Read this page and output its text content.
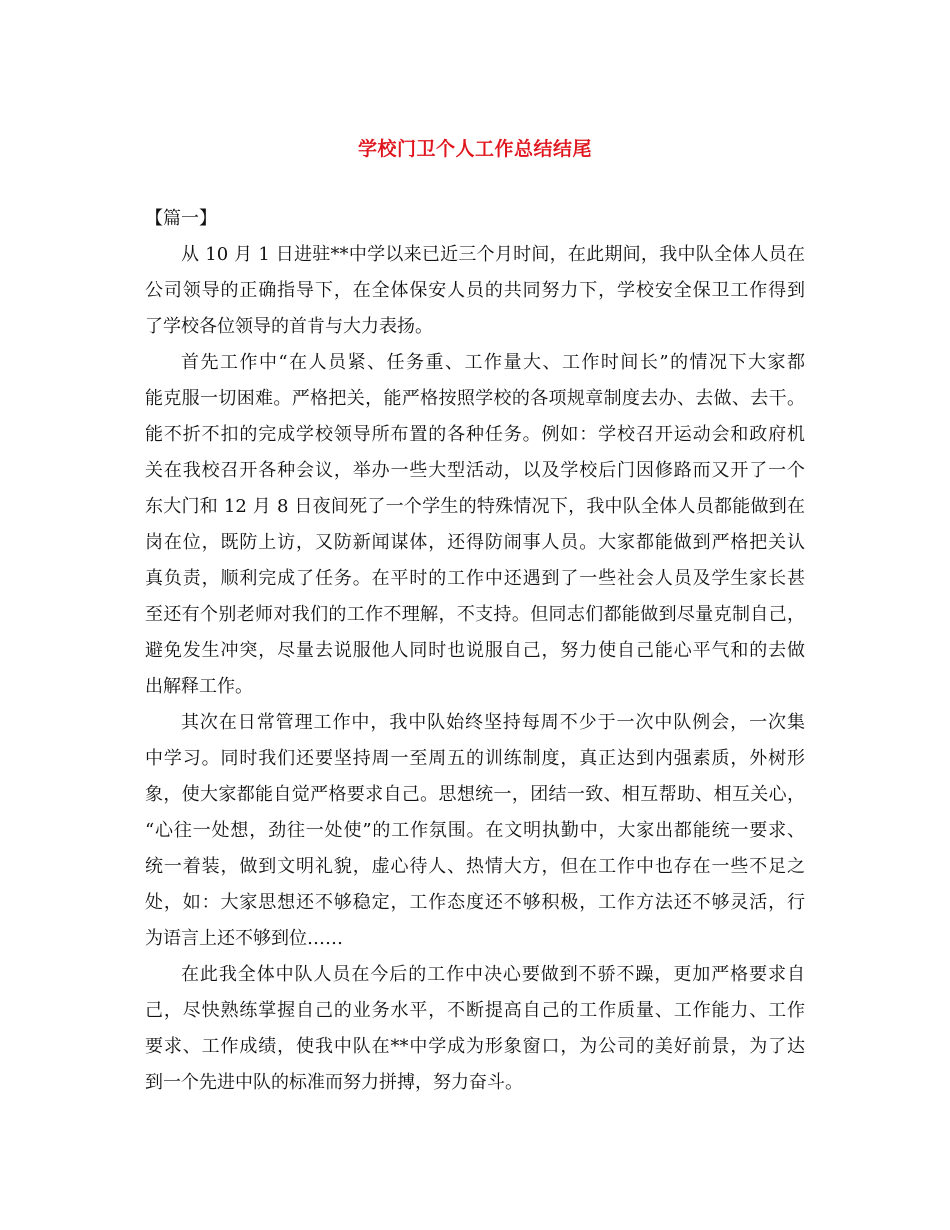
学校门卫个人工作总结结尾
【篇一】
从 10 月 1 日进驻**中学以来已近三个月时间，在此期间，我中队全体人员在
公司领导的正确指导下，在全体保安人员的共同努力下，学校安全保卫工作得到
了学校各位领导的首肯与大力表扬。
首先工作中“在人员紧、任务重、工作量大、工作时间长”的情况下大家都
能克服一切困难。严格把关，能严格按照学校的各项规章制度去办、去做、去干。
能不折不扣的完成学校领导所布置的各种任务。例如：学校召开运动会和政府机
关在我校召开各种会议，举办一些大型活动，以及学校后门因修路而又开了一个
东大门和 12 月 8 日夜间死了一个学生的特殊情况下，我中队全体人员都能做到在
岗在位，既防上访，又防新闻谋体，还得防闹事人员。大家都能做到严格把关认
真负责，顺利完成了任务。在平时的工作中还遇到了一些社会人员及学生家长甚
至还有个别老师对我们的工作不理解，不支持。但同志们都能做到尽量克制自己，
避免发生冲突，尽量去说服他人同时也说服自己，努力使自己能心平气和的去做
出解释工作。
其次在日常管理工作中，我中队始终坚持每周不少于一次中队例会，一次集
中学习。同时我们还要坚持周一至周五的训练制度，真正达到内强素质，外树形
象，使大家都能自觉严格要求自己。思想统一，团结一致、相互帮助、相互关心，
“心往一处想，劲往一处使”的工作氛围。在文明执勤中，大家出都能统一要求、
统一着装，做到文明礼貌，虚心待人、热情大方，但在工作中也存在一些不足之
处，如：大家思想还不够稳定，工作态度还不够积极，工作方法还不够灵活，行
为语言上还不够到位……
在此我全体中队人员在今后的工作中决心要做到不骄不躁，更加严格要求自
己，尽快熟练掌握自己的业务水平，不断提高自己的工作质量、工作能力、工作
要求、工作成绩，使我中队在**中学成为形象窗口，为公司的美好前景，为了达
到一个先进中队的标准而努力拼搏，努力奋斗。
